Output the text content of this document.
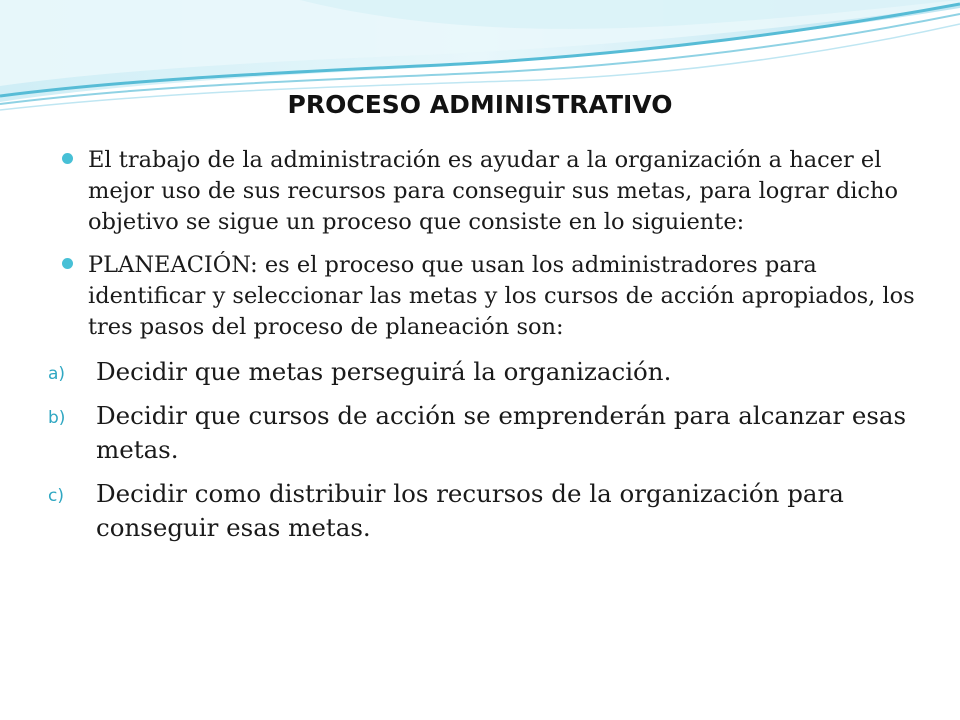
PROCESO ADMINISTRATIVO
El trabajo de la administración es ayudar a la organización a hacer el mejor uso de sus recursos para conseguir sus metas, para lograr dicho objetivo se sigue un proceso que consiste en lo siguiente:
PLANEACIÓN: es el proceso que usan los administradores para identificar y seleccionar las metas y los cursos de acción apropiados, los tres pasos del proceso de planeación son:
a) Decidir que metas perseguirá la organización.
b) Decidir que cursos de acción se emprenderán para alcanzar esas metas.
c) Decidir como distribuir los recursos de la organización para conseguir esas metas.
